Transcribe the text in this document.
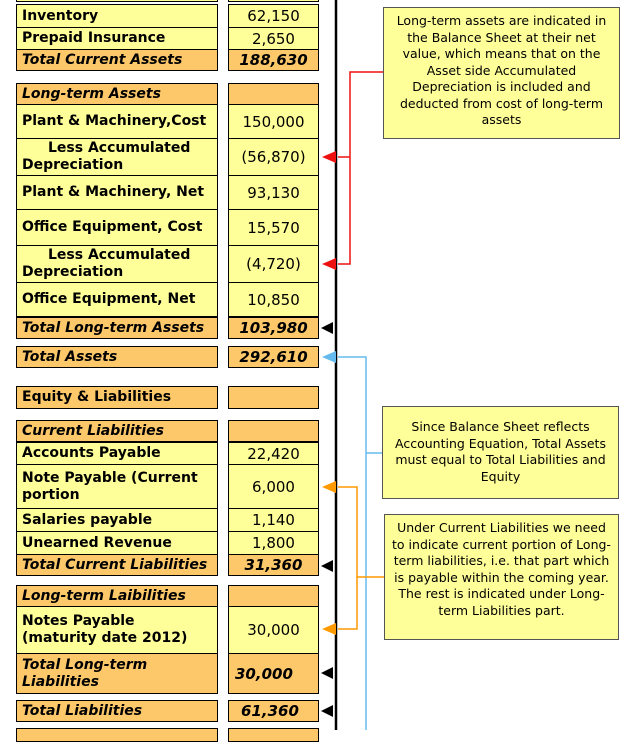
Inventory	62,150
Prepaid Insurance	2,650
Total Current Assets	188,630
Long-term Assets
Plant & Machinery,Cost	150,000
Less Accumulated
Depreciation	(56,870)
Plant & Machinery, Net	93,130
Office Equipment, Cost	15,570
Less Accumulated
Depreciation	(4,720)
Office Equipment, Net	10,850
Total Long-term Assets	103,980
Total Assets	292,610
Equity & Liabilities
Current Liabilities
Accounts Payable	22,420
Note Payable (Current portion	6,000
Salaries payable	1,140
Unearned Revenue	1,800
Total Current Liabilities	31,360
Long-term Laibilities
Notes Payable (maturity date 2012)	30,000
Total Long-term Liabilities	30,000
Total Liabilities	61,360
Long-term assets are indicated in the Balance Sheet at their net value, which means that on the Asset side Accumulated Depreciation is included and deducted from cost of long-term assets
Since Balance Sheet reflects Accounting Equation, Total Assets must equal to Total Liabilities and Equity
Under Current Liabilities we need to indicate current portion of Long-term liabilities, i.e. that part which is payable within the coming year. The rest is indicated under Long-term Liabilities part.
